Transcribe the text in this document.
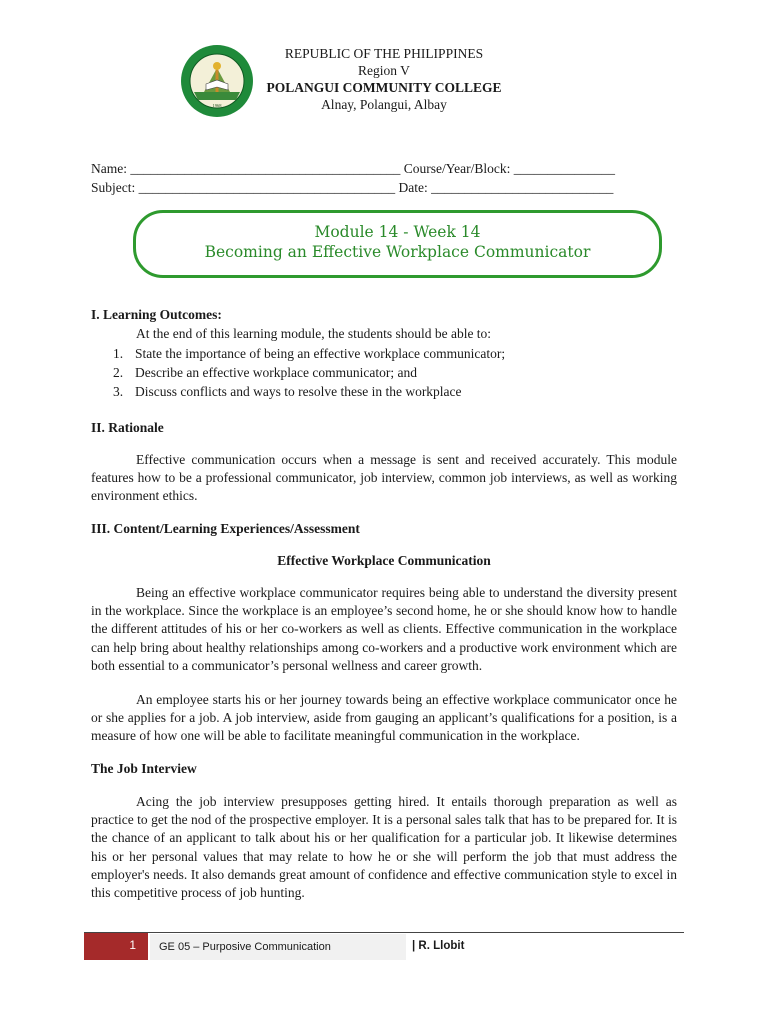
1968
REPUBLIC OF THE PHILIPPINES
Region V
POLANGUI COMMUNITY COLLEGE
Alnay, Polangui, Albay
Name: ________________________________________ Course/Year/Block: _______________
Subject: ______________________________________ Date: ___________________________
Module 14 - Week 14
Becoming an Effective Workplace Communicator
I. Learning Outcomes:
At the end of this learning module, the students should be able to:
1. State the importance of being an effective workplace communicator;
2. Describe an effective workplace communicator; and
3. Discuss conflicts and ways to resolve these in the workplace
II. Rationale
Effective communication occurs when a message is sent and received accurately. This module features how to be a professional communicator, job interview, common job interviews, as well as working environment ethics.
III. Content/Learning Experiences/Assessment
Effective Workplace Communication
Being an effective workplace communicator requires being able to understand the diversity present in the workplace. Since the workplace is an employee’s second home, he or she should know how to handle the different attitudes of his or her co-workers as well as clients. Effective communication in the workplace can help bring about healthy relationships among co-workers and a productive work environment which are both essential to a communicator’s personal wellness and career growth.
An employee starts his or her journey towards being an effective workplace communicator once he or she applies for a job. A job interview, aside from gauging an applicant’s qualifications for a position, is a measure of how one will be able to facilitate meaningful communication in the workplace.
The Job Interview
Acing the job interview presupposes getting hired. It entails thorough preparation as well as practice to get the nod of the prospective employer. It is a personal sales talk that has to be prepared for. It is the chance of an applicant to talk about his or her qualification for a particular job. It likewise determines his or her personal values that may relate to how he or she will perform the job that must address the employer's needs. It also demands great amount of confidence and effective communication style to excel in this competitive process of job hunting.
1	GE 05 – Purposive Communication	| R. Llobit
